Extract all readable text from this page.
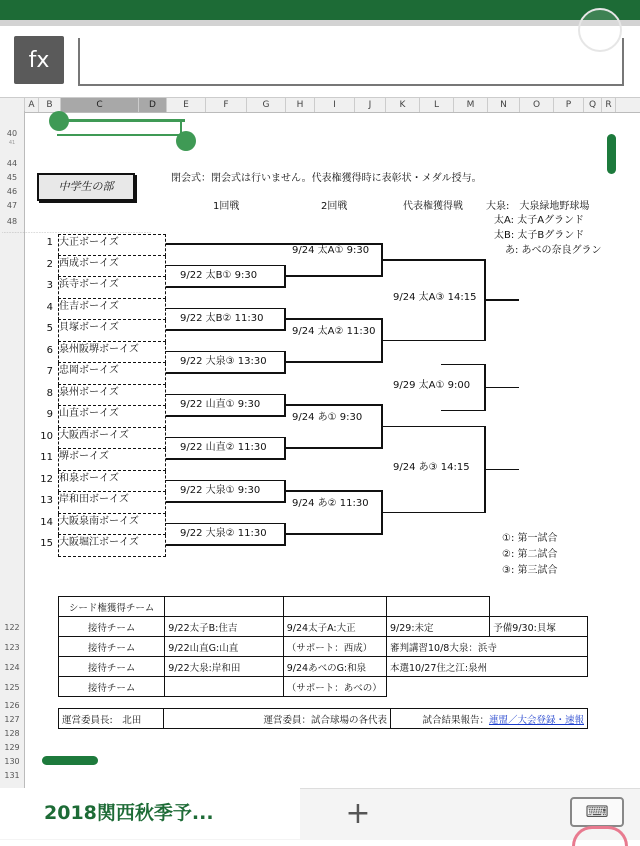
fx
A	B	C	D	E	F	G	H	I	J	K	L	M	N	O	P	Q	R
40
41
44
45
46
47
48
······························································································
122
123
124
125
126
127
128
129
130
131
中学生の部
閉会式：閉会式は行いません。代表権獲得時に表彰状・メダル授与。
1回戦	2回戦	代表権獲得戦 大泉:　大泉緑地野球場
太A: 太子Aグランド
太B: 太子Bグランド
あ: あべの奈良グラン
1 大正ボーイズ
2 西成ボーイズ
3 浜寺ボーイズ
4 住吉ボーイズ
5 貝塚ボーイズ
6 泉州阪堺ボーイズ
7 忠岡ボーイズ
8 泉州ボーイズ
9 山直ボーイズ
10 大阪西ボーイズ
11 堺ボーイズ
12 和泉ボーイズ
13 岸和田ボーイズ
14 大阪泉南ボーイズ
15 大阪堀江ボーイズ
9/22 太B① 9:30
9/22 太B② 11:30
9/22 大泉③ 13:30
9/22 山直① 9:30
9/22 山直② 11:30
9/22 大泉① 9:30
9/22 大泉② 11:30
9/24 太A① 9:30
9/24 太A② 11:30
9/24 あ① 9:30
9/24 あ② 11:30
9/24 太A③ 14:15
9/29 太A① 9:00
9/24 あ③ 14:15
①: 第一試合
②: 第二試合
③: 第三試合
シード権獲得チーム				
接待チーム	9/22太子B:住吉	9/24太子A:大正	9/29:未定	予備9/30:貝塚
接待チーム	9/22山直G:山直	（サポート：西成）	審判講習10/8大泉：浜寺	
接待チーム	9/22大泉:岸和田	9/24あべのG:和泉	本選10/27住之江:泉州	
接待チーム		（サポート：あべの）		
運営委員長:　北田	運営委員：試合球場の各代表	試合結果報告：連盟／大会登録・速報
2018関西秋季予...	+	⌨
